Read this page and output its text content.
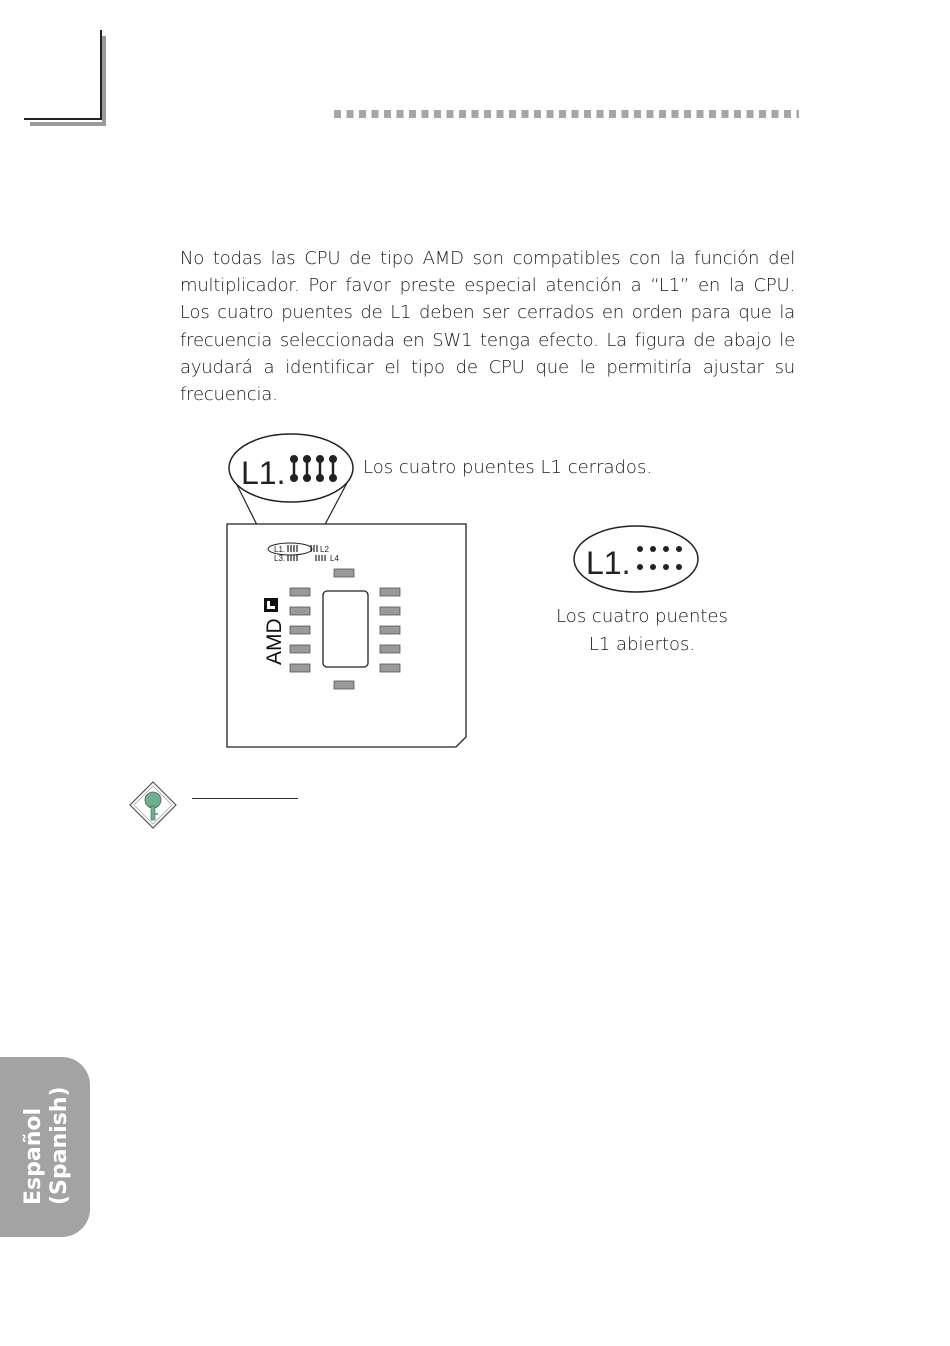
No todas las CPU de tipo AMD son compatibles con la función del multiplicador. Por favor preste especial atención a “L1” en la CPU. Los cuatro puentes de L1 deben ser cerrados en orden para que la frecuencia seleccionada en SW1 tenga efecto. La figura de abajo le ayudará a identificar el tipo de CPU que le permitiría ajustar su frecuencia.

L1.
L1.	L2
L3.	L4
AMD
L1.
Los cuatro puentes L1 cerrados.
Los cuatro puentes
L1 abiertos.
Español (Spanish)
